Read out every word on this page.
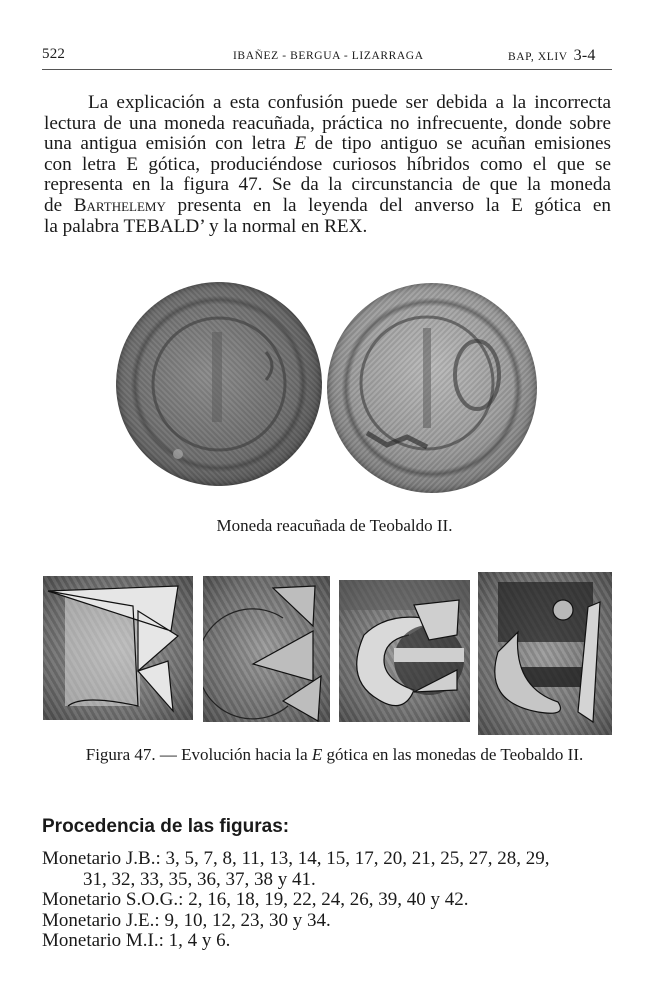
522	IBAÑEZ - BERGUA - LIZARRAGA	BAP, XLIV 3-4
La explicación a esta confusión puede ser debida a la incorrecta
lectura de una moneda reacuñada, práctica no infrecuente, donde sobre
una antigua emisión con letra E de tipo antiguo se acuñan emisiones
con letra E gótica, produciéndose curiosos híbridos como el que se
representa en la figura 47. Se da la circunstancia de que la moneda
de Barthelemy presenta en la leyenda del anverso la E gótica en
la palabra TEBALD’ y la normal en REX.
Moneda reacuñada de Teobaldo II.
Figura 47. — Evolución hacia la E gótica en las monedas de Teobaldo II.
Procedencia de las figuras:
Monetario J.B.: 3, 5, 7, 8, 11, 13, 14, 15, 17, 20, 21, 25, 27, 28, 29,
31, 32, 33, 35, 36, 37, 38 y 41.
Monetario S.O.G.: 2, 16, 18, 19, 22, 24, 26, 39, 40 y 42.
Monetario J.E.: 9, 10, 12, 23, 30 y 34.
Monetario M.I.: 1, 4 y 6.
